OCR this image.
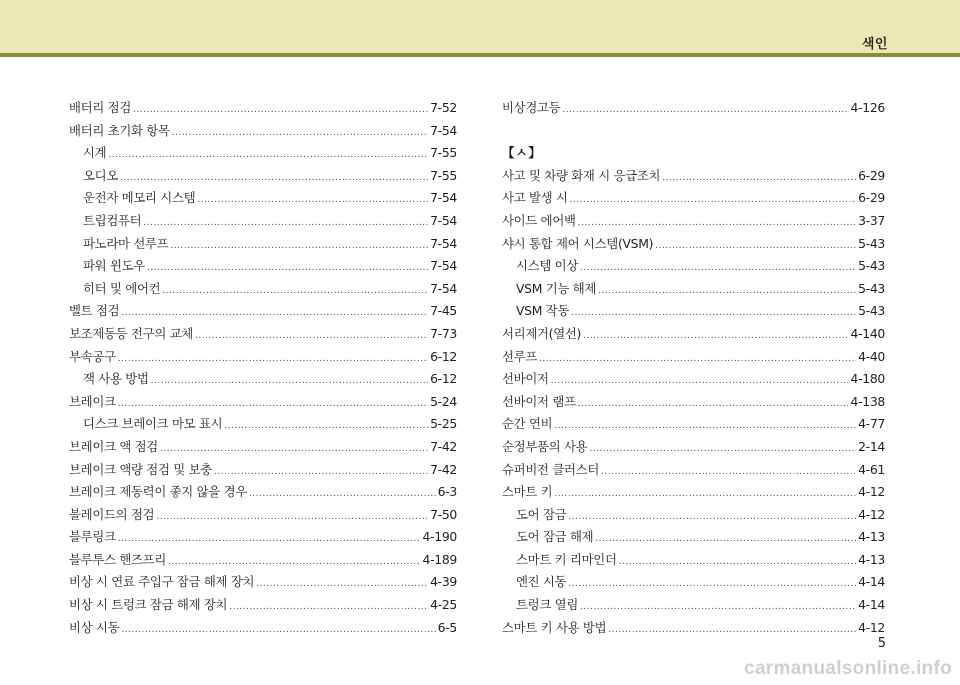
색인
배터리 점검 .....	7-52
배터리 초기화 항목 .....	7-54
시계 .....	7-55
오디오 .....	7-55
운전자 메모리 시스템 .....	7-54
트립컴퓨터 .....	7-54
파노라마 선루프 .....	7-54
파워 윈도우 .....	7-54
히터 및 에어컨 .....	7-54
벨트 점검 .....	7-45
보조제동등 전구의 교체 .....	7-73
부속공구 .....	6-12
잭 사용 방법 .....	6-12
브레이크 .....	5-24
디스크 브레이크 마모 표시 .....	5-25
브레이크 액 점검 .....	7-42
브레이크 액량 점검 및 보충 .....	7-42
브레이크 제동력이 좋지 않을 경우 .....	6-3
블레이드의 점검 .....	7-50
블루링크 .....	4-190
블루투스 핸즈프리 .....	4-189
비상 시 연료 주입구 잠금 해제 장치 .....	4-39
비상 시 트렁크 잠금 해제 장치 .....	4-25
비상 시동 .....	6-5
비상경고등 .....	4-126
【ㅅ】
사고 및 차량 화재 시 응급조치 .....	6-29
사고 발생 시 .....	6-29
사이드 에어백 .....	3-37
샤시 통합 제어 시스템(VSM) .....	5-43
시스템 이상 .....	5-43
VSM 기능 해제 .....	5-43
VSM 작동 .....	5-43
서리제거(열선) .....	4-140
선루프 .....	4-40
선바이저 .....	4-180
선바이저 램프 .....	4-138
순간 연비 .....	4-77
순정부품의 사용 .....	2-14
슈퍼비전 클러스터 .....	4-61
스마트 키 .....	4-12
도어 잠금 .....	4-12
도어 잠금 해제 .....	4-13
스마트 키 리마인더 .....	4-13
엔진 시동 .....	4-14
트렁크 열림 .....	4-14
스마트 키 사용 방법 .....	4-12
5
carmanualsonline.info
